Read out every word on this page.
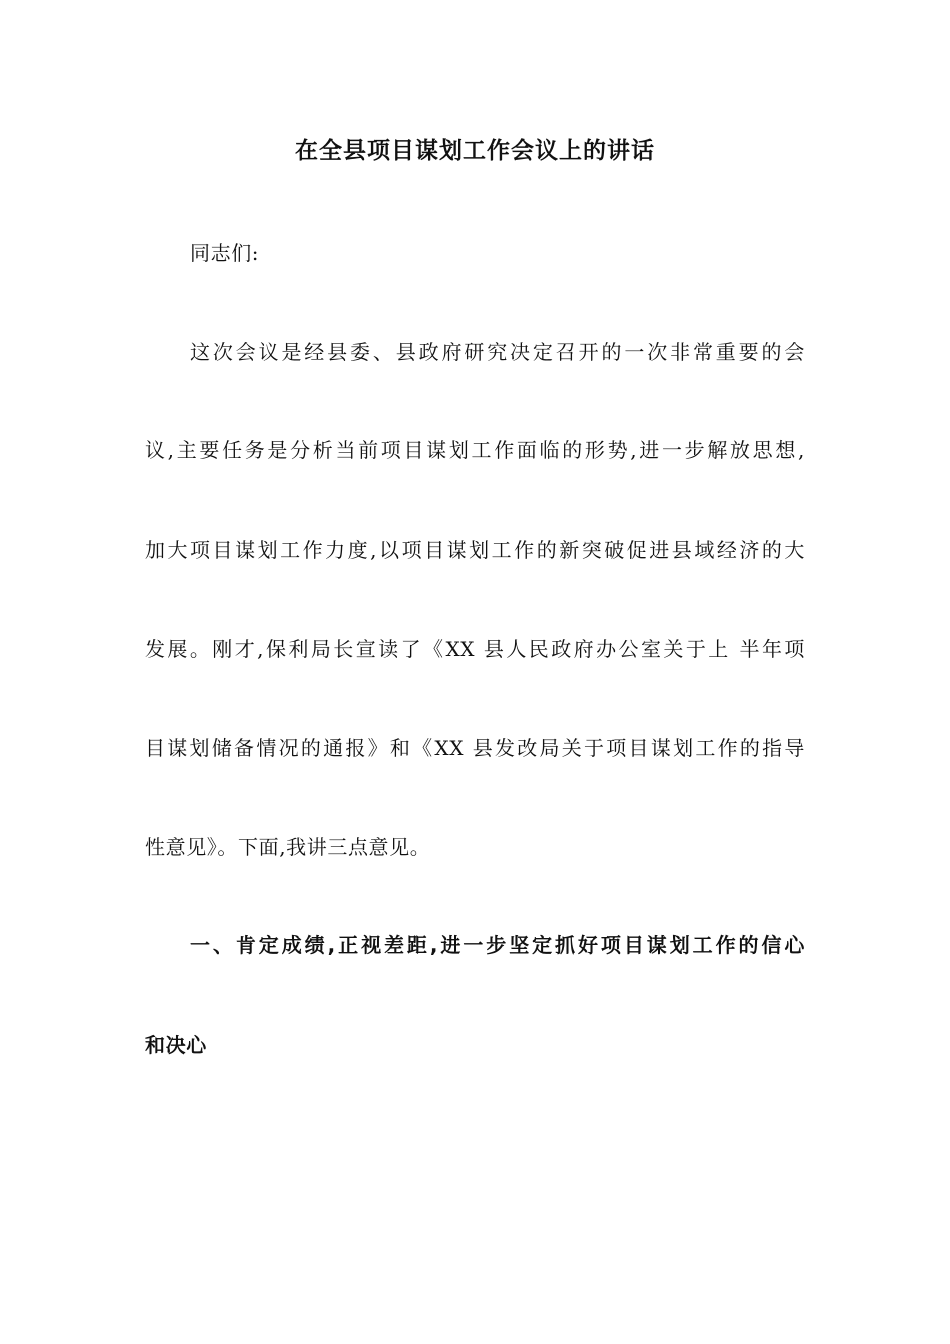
在全县项目谋划工作会议上的讲话
同志们:
这次会议是经县委、县政府研究决定召开的一次非常重要的会
议,主要任务是分析当前项目谋划工作面临的形势,进一步解放思想,
加大项目谋划工作力度,以项目谋划工作的新突破促进县域经济的大
发展。刚才,保利局长宣读了《XX 县人民政府办公室关于上 半年项
目谋划储备情况的通报》和《XX 县发改局关于项目谋划工作的指导
性意见》。下面,我讲三点意见。
一、肯定成绩,正视差距,进一步坚定抓好项目谋划工作的信心
和决心
